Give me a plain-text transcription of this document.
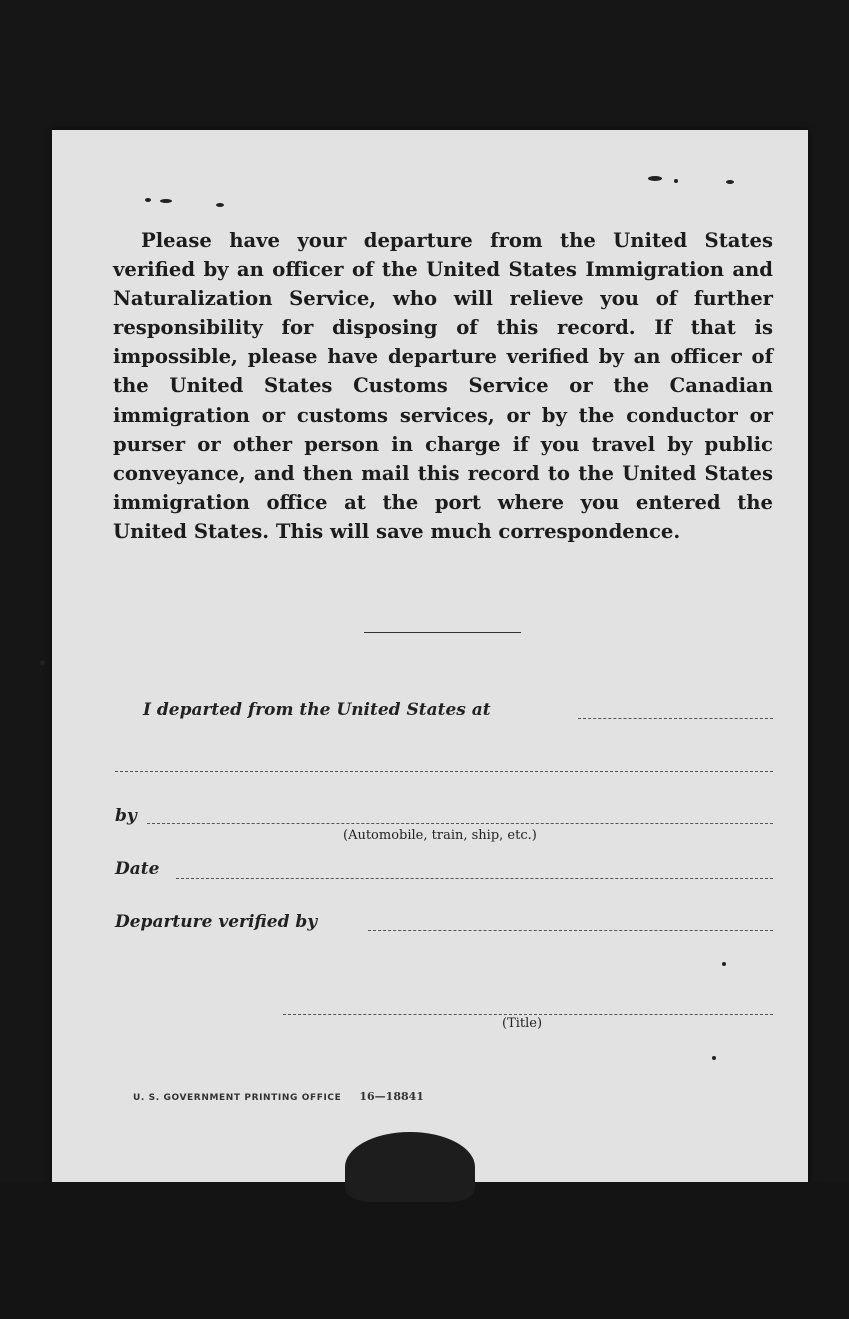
Please have your departure from the United States verified by an officer of the United States Immigration and Naturalization Service, who will relieve you of further responsibility for disposing of this record. If that is impossible, please have departure verified by an officer of the United States Customs Service or the Canadian immigration or customs services, or by the conductor or purser or other person in charge if you travel by public conveyance, and then mail this record to the United States immigration office at the port where you entered the United States. This will save much correspondence.

I departed from the United States at
by
(Automobile, train, ship, etc.)
Date
Departure verified by
(Title)
U. S. GOVERNMENT PRINTING OFFICE 16—18841
